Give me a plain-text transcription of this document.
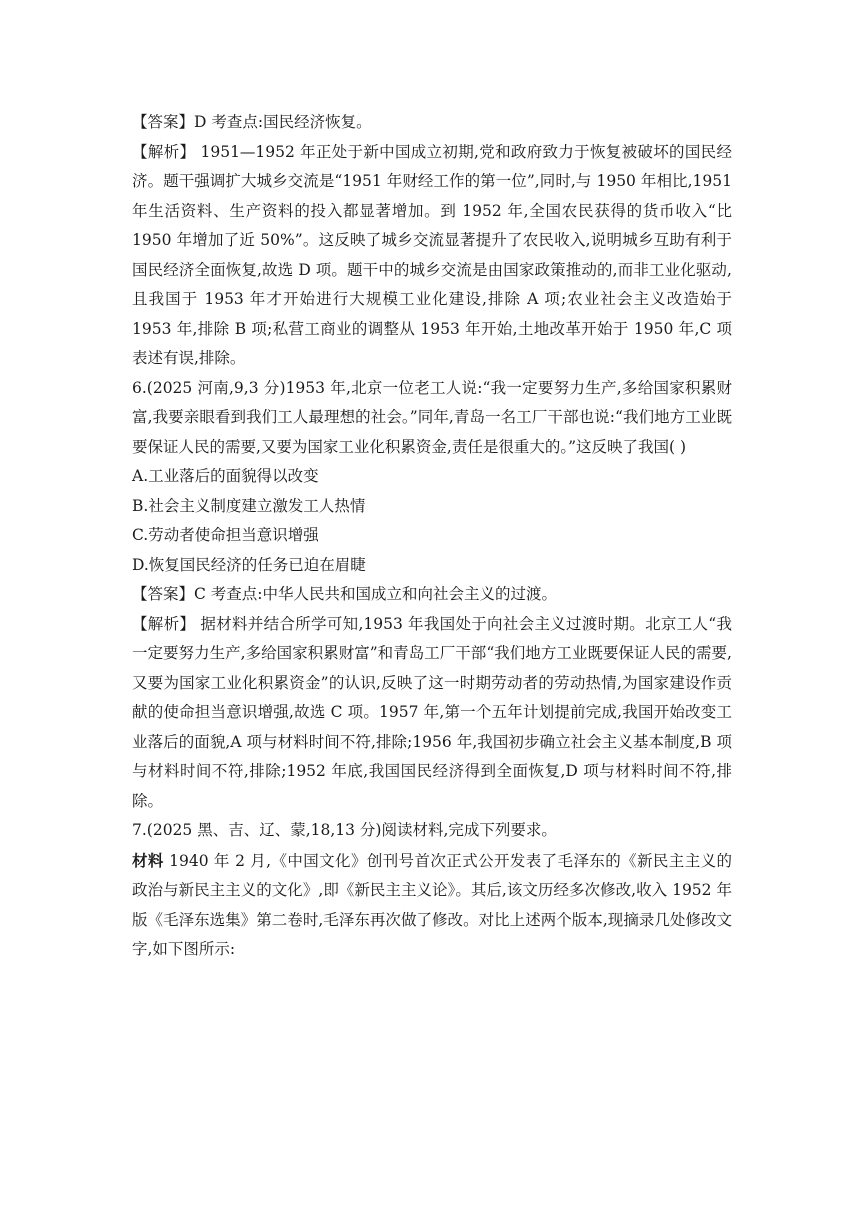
【答案】D 考查点:国民经济恢复。

【解析】 1951—1952 年正处于新中国成立初期,党和政府致力于恢复被破坏的国民经济。题干强调扩大城乡交流是“1951 年财经工作的第一位”,同时,与 1950 年相比,1951 年生活资料、生产资料的投入都显著增加。到 1952 年,全国农民获得的货币收入“比 1950 年增加了近 50%”。这反映了城乡交流显著提升了农民收入,说明城乡互助有利于国民经济全面恢复,故选 D 项。题干中的城乡交流是由国家政策推动的,而非工业化驱动,且我国于 1953 年才开始进行大规模工业化建设,排除 A 项;农业社会主义改造始于 1953 年,排除 B 项;私营工商业的调整从 1953 年开始,土地改革开始于 1950 年,C 项表述有误,排除。

6.(2025 河南,9,3 分)1953 年,北京一位老工人说:“我一定要努力生产,多给国家积累财富,我要亲眼看到我们工人最理想的社会。”同年,青岛一名工厂干部也说:“我们地方工业既要保证人民的需要,又要为国家工业化积累资金,责任是很重大的。”这反映了我国( )

A.工业落后的面貌得以改变

B.社会主义制度建立激发工人热情

C.劳动者使命担当意识增强

D.恢复国民经济的任务已迫在眉睫

【答案】C 考查点:中华人民共和国成立和向社会主义的过渡。

【解析】 据材料并结合所学可知,1953 年我国处于向社会主义过渡时期。北京工人“我一定要努力生产,多给国家积累财富”和青岛工厂干部“我们地方工业既要保证人民的需要,又要为国家工业化积累资金”的认识,反映了这一时期劳动者的劳动热情,为国家建设作贡献的使命担当意识增强,故选 C 项。1957 年,第一个五年计划提前完成,我国开始改变工业落后的面貌,A 项与材料时间不符,排除;1956 年,我国初步确立社会主义基本制度,B 项与材料时间不符,排除;1952 年底,我国国民经济得到全面恢复,D 项与材料时间不符,排除。

7.(2025 黑、吉、辽、蒙,18,13 分)阅读材料,完成下列要求。

材料 1940 年 2 月,《中国文化》创刊号首次正式公开发表了毛泽东的《新民主主义的政治与新民主主义的文化》,即《新民主主义论》。其后,该文历经多次修改,收入 1952 年版《毛泽东选集》第二卷时,毛泽东再次做了修改。对比上述两个版本,现摘录几处修改文字,如下图所示:
